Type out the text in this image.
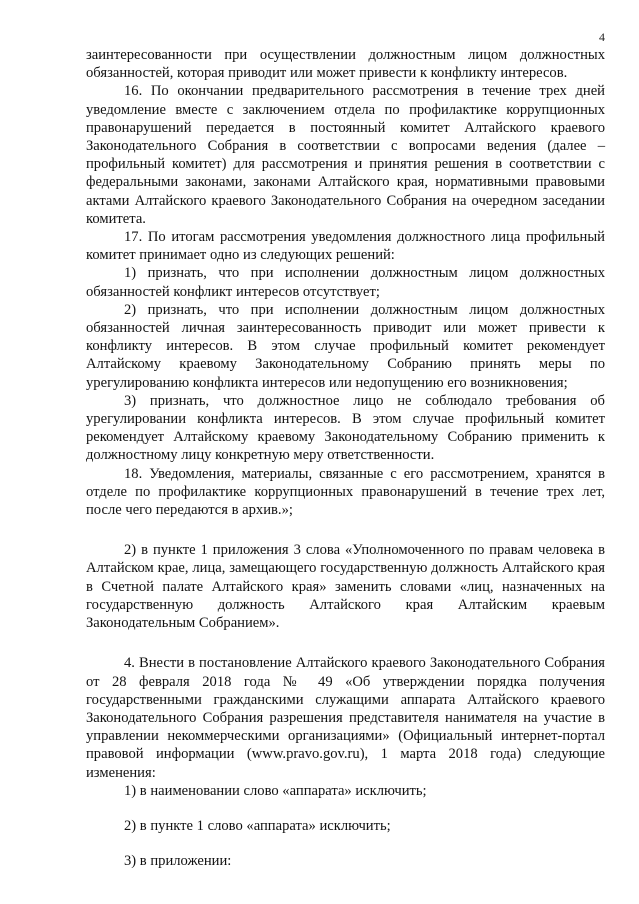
4

заинтересованности при осуществлении должностным лицом должностных обязанностей, которая приводит или может привести к конфликту интересов.

16. По окончании предварительного рассмотрения в течение трех дней уведомление вместе с заключением отдела по профилактике коррупционных правонарушений передается в постоянный комитет Алтайского краевого Законодательного Собрания в соответствии с вопросами ведения (далее – профильный комитет) для рассмотрения и принятия решения в соответствии с федеральными законами, законами Алтайского края, нормативными правовыми актами Алтайского краевого Законодательного Собрания на очередном заседании комитета.

17. По итогам рассмотрения уведомления должностного лица профильный комитет принимает одно из следующих решений:

1) признать, что при исполнении должностным лицом должностных обязанностей конфликт интересов отсутствует;

2) признать, что при исполнении должностным лицом должностных обязанностей личная заинтересованность приводит или может привести к конфликту интересов. В этом случае профильный комитет рекомендует Алтайскому краевому Законодательному Собранию принять меры по урегулированию конфликта интересов или недопущению его возникновения;

3) признать, что должностное лицо не соблюдало требования об урегулировании конфликта интересов. В этом случае профильный комитет рекомендует Алтайскому краевому Законодательному Собранию применить к должностному лицу конкретную меру ответственности.

18. Уведомления, материалы, связанные с его рассмотрением, хранятся в отделе по профилактике коррупционных правонарушений в течение трех лет, после чего передаются в архив.»;

2) в пункте 1 приложения 3 слова «Уполномоченного по правам человека в Алтайском крае, лица, замещающего государственную должность Алтайского края в Счетной палате Алтайского края» заменить словами «лиц, назначенных на государственную должность Алтайского края Алтайским краевым Законодательным Собранием».

4. Внести в постановление Алтайского краевого Законодательного Собрания от 28 февраля 2018 года № 49 «Об утверждении порядка получения государственными гражданскими служащими аппарата Алтайского краевого Законодательного Собрания разрешения представителя нанимателя на участие в управлении некоммерческими организациями» (Официальный интернет-портал правовой информации (www.pravo.gov.ru), 1 марта 2018 года) следующие изменения:

1) в наименовании слово «аппарата» исключить;

2) в пункте 1 слово «аппарата» исключить;

3) в приложении:
